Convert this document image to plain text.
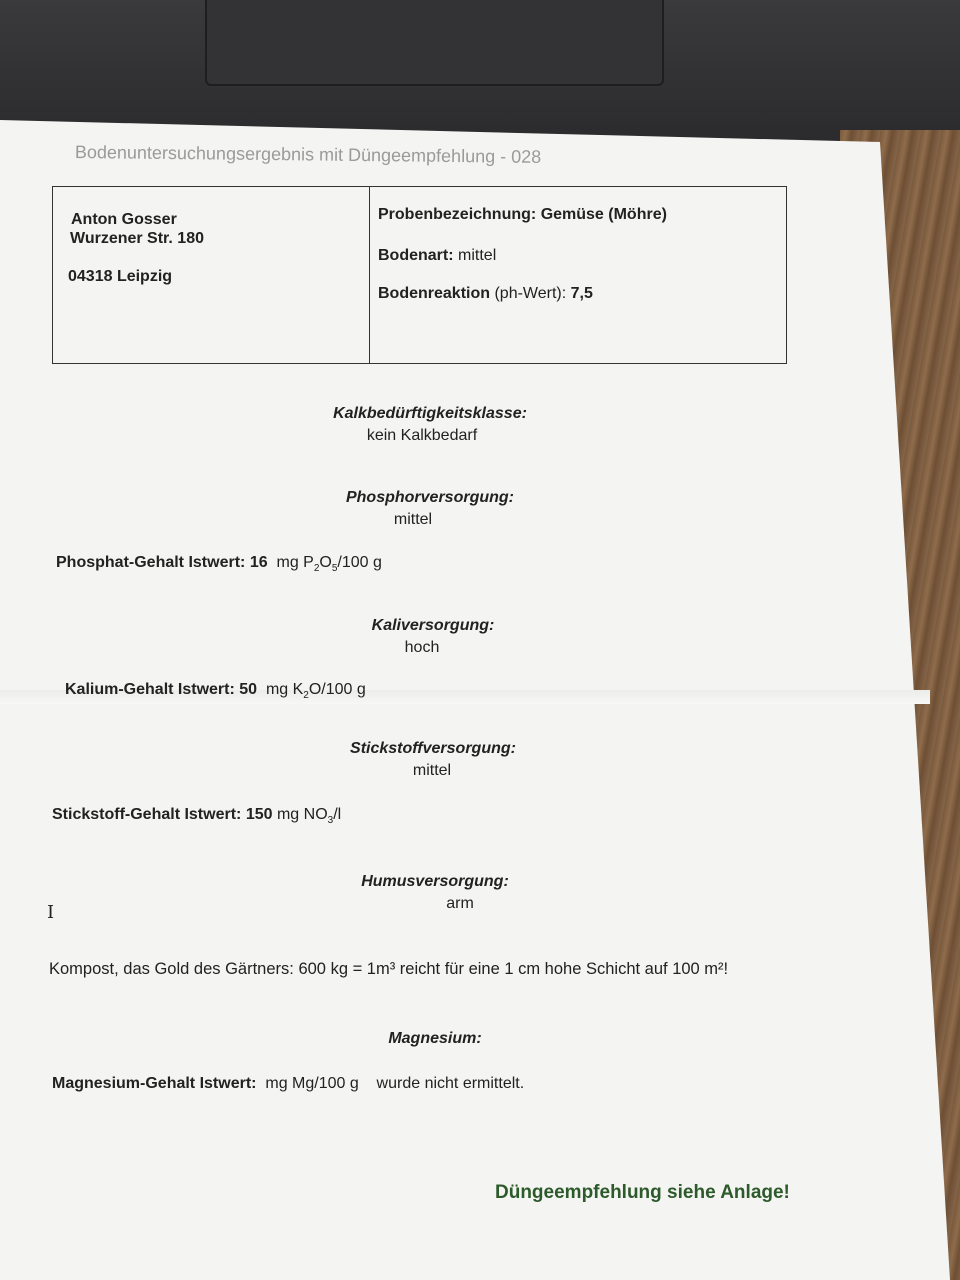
Bodenuntersuchungsergebnis mit Düngeempfehlung - 028
Anton Gosser
Wurzener Str. 180
04318 Leipzig
Probenbezeichnung: Gemüse (Möhre)
Bodenart: mittel
Bodenreaktion (ph-Wert): 7,5
Kalkbedürftigkeitsklasse:
kein Kalkbedarf
Phosphorversorgung:
mittel
Phosphat-Gehalt Istwert: 16 mg $P_2O_5/100$ g
Kaliversorgung:
hoch
Kalium-Gehalt Istwert: 50 mg $K_2O/100$ g
Stickstoffversorgung:
mittel
Stickstoff-Gehalt Istwert: 150 mg $NO_3/l$
Humusversorgung:
arm
I
Kompost, das Gold des Gärtners: 600 kg = 1m³ reicht für eine 1 cm hohe Schicht auf 100 m²!
Magnesium:
Magnesium-Gehalt Istwert: mg Mg/100 g wurde nicht ermittelt.
Düngeempfehlung siehe Anlage!
